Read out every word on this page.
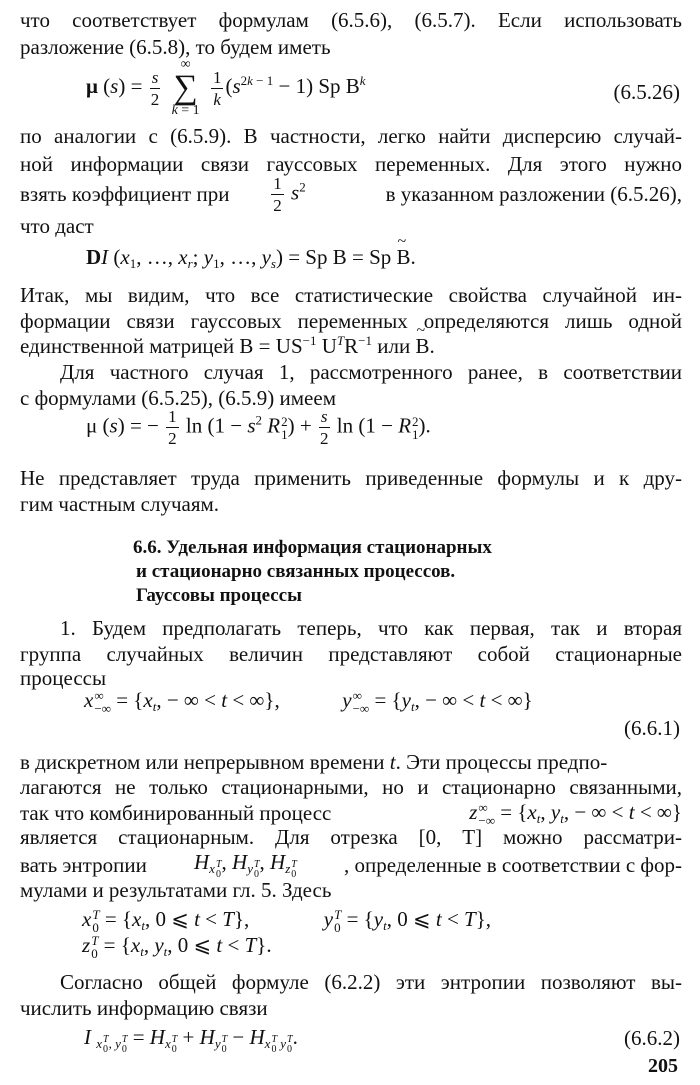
что соответствует формулам (6.5.6), (6.5.7). Если использовать
разложение (6.5.8), то будем иметь
μ $(s) = \frac{s}{2}$

∞
∑
k = 1

$\frac{1}{k} (s^{2k - 1} - 1)$ Sp $B^k$	(6.5.26)
по аналогии с (6.5.9). В частности, легко найти дисперсию случай-
ной информации связи гауссовых переменных. Для этого нужно
взять коэффициент при $\frac{1}{2} s^2$	в указанном разложении (6.5.26),
что даст
DI ($x_1$, …, $x_r$; $y_1$, …, $y_s) = Sp$ B = Sp ~ B.
Итак, мы видим, что все статистические свойства случайной ин-
формации связи гауссовых переменных определяются лишь одной
единственной матрицей $B = US^{-1}$ $U^TR^{-1}$ или ~ B.
Для частного случая 1, рассмотренного ранее, в соответствии
с формулами (6.5.25), (6.5.9) имеем
μ (s) = − $\frac{1}{2}$ $\ln (1 - s^2$ R 2
1 ) + $\frac{s}{2}$ ln (1 − R 2
1 ).
Не представляет труда применить приведенные формулы и к дру-
гим частным случаям.
6.6. Удельная информация стационарных
и стационарно связанных процессов.
Гауссовы процессы
1. Будем предполагать теперь, что как первая, так и вторая
группа случайных величин представляют собой стационарные
процессы
x ∞
−∞ = {$x_t$, − ∞ < t < ∞},	y ∞
−∞ = {$y_t$, − ∞ < t < ∞}
(6.6.1)
в дискретном или непрерывном времени t. Эти процессы предпо-
лагаются не только стационарными, но и стационарно связанными,
так что комбинированный процесс	z ∞
−∞ = {$x_t$, $y_t$, − ∞ < t < ∞}
является стационарным. Для отрезка [0, T] можно рассматри-
вать энтропии $H_{x T 0}$
, $H_{y T 0}$
, $H_{z T 0}$ , определенные в соответствии с фор-
мулами и результатами гл. 5. Здесь
x T
$0 = \{x_t$, 0 ⩽ t < T},	y T
$0 = \{y_t$, 0 ⩽ t < T},
z T
$0 = \{x_t$, $y_t$, 0 ⩽ t < T}.
Согласно общей формуле (6.2.2) эти энтропии позволяют вы-
числить информацию связи
I $_{x T 0 , y T 0}$
= $H_{x T 0}$
+ $H_{y T 0}$
− $H_{x T 0 y T 0}$
.	(6.6.2)
205
